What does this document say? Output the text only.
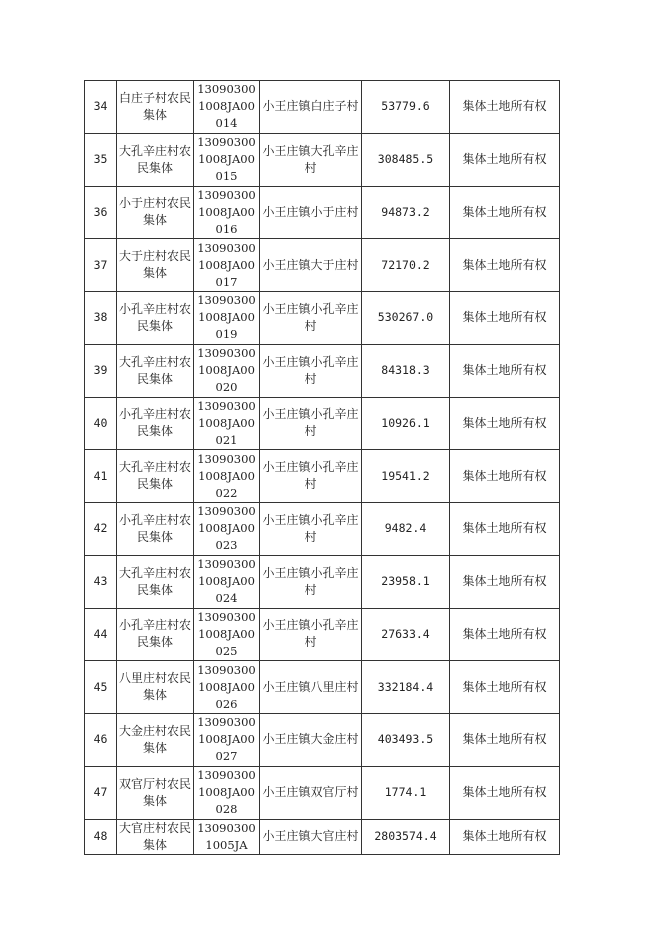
34	白庄子村农民集体	130903001008JA00014	小王庄镇白庄子村	53779.6	集体土地所有权
35	大孔辛庄村农民集体	130903001008JA00015	小王庄镇大孔辛庄村	308485.5	集体土地所有权
36	小于庄村农民集体	130903001008JA00016	小王庄镇小于庄村	94873.2	集体土地所有权
37	大于庄村农民集体	130903001008JA00017	小王庄镇大于庄村	72170.2	集体土地所有权
38	小孔辛庄村农民集体	130903001008JA00019	小王庄镇小孔辛庄村	530267.0	集体土地所有权
39	大孔辛庄村农民集体	130903001008JA00020	小王庄镇小孔辛庄村	84318.3	集体土地所有权
40	小孔辛庄村农民集体	130903001008JA00021	小王庄镇小孔辛庄村	10926.1	集体土地所有权
41	大孔辛庄村农民集体	130903001008JA00022	小王庄镇小孔辛庄村	19541.2	集体土地所有权
42	小孔辛庄村农民集体	130903001008JA00023	小王庄镇小孔辛庄村	9482.4	集体土地所有权
43	大孔辛庄村农民集体	130903001008JA00024	小王庄镇小孔辛庄村	23958.1	集体土地所有权
44	小孔辛庄村农民集体	130903001008JA00025	小王庄镇小孔辛庄村	27633.4	集体土地所有权
45	八里庄村农民集体	130903001008JA00026	小王庄镇八里庄村	332184.4	集体土地所有权
46	大金庄村农民集体	130903001008JA00027	小王庄镇大金庄村	403493.5	集体土地所有权
47	双官厅村农民集体	130903001008JA00028	小王庄镇双官厅村	1774.1	集体土地所有权
48	大官庄村农民集体	130903001005JA	小王庄镇大官庄村	2803574.4	集体土地所有权
